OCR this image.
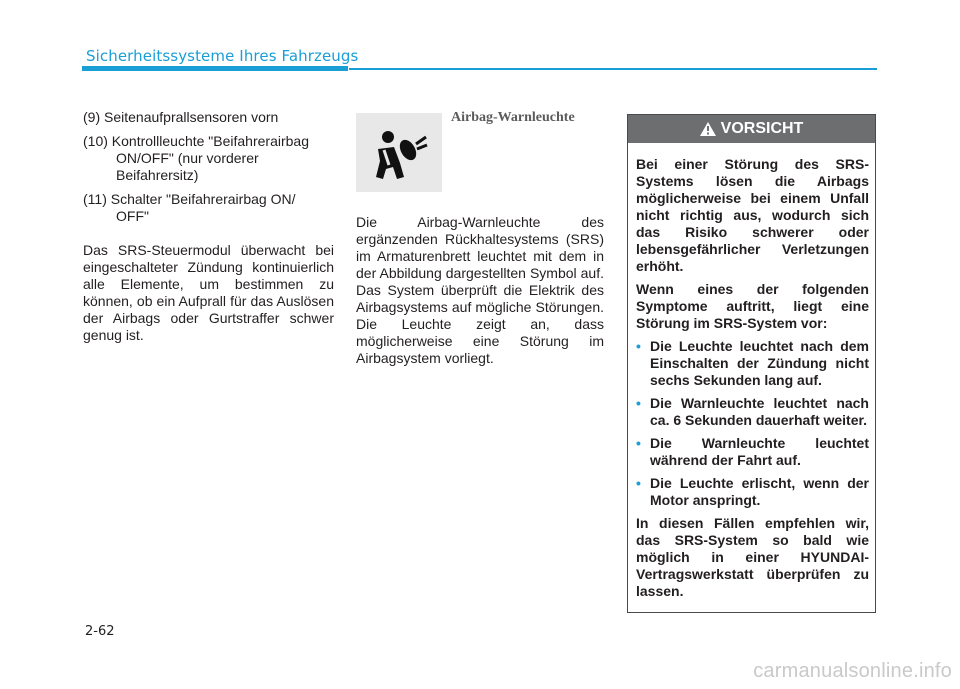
Sicherheitssysteme Ihres Fahrzeugs
(9) Seitenaufprallsensoren vorn
(10) Kontrollleuchte "Beifahrerairbag
ON/OFF" (nur vorderer
Beifahrersitz)
(11) Schalter "Beifahrerairbag ON/
OFF"

Das SRS-Steuermodul überwacht bei eingeschalteter Zündung kontinuierlich alle Elemente, um bestimmen zu können, ob ein Aufprall für das Auslösen der Airbags oder Gurtstraffer schwer genug ist.

Airbag-Warnleuchte

Die Airbag-Warnleuchte des ergänzenden Rückhaltesystems (SRS) im Armaturenbrett leuchtet mit dem in der Abbildung dargestellten Symbol auf. Das System überprüft die Elektrik des Airbagsystems auf mögliche Störungen. Die Leuchte zeigt an, dass möglicherweise eine Störung im Airbagsystem vorliegt.

VORSICHT

Bei einer Störung des SRS-Systems lösen die Airbags möglicherweise bei einem Unfall nicht richtig aus, wodurch sich das Risiko schwerer oder lebensgefährlicher Verletzungen erhöht.

Wenn eines der folgenden Symptome auftritt, liegt eine Störung im SRS-System vor:

• Die Leuchte leuchtet nach dem Einschalten der Zündung nicht sechs Sekunden lang auf.
• Die Warnleuchte leuchtet nach ca. 6 Sekunden dauerhaft weiter.
• Die Warnleuchte leuchtet während der Fahrt auf.
• Die Leuchte erlischt, wenn der Motor anspringt.

In diesen Fällen empfehlen wir, das SRS-System so bald wie möglich in einer HYUNDAI-Vertragswerkstatt überprüfen zu lassen.

2-62
carmanualsonline.info
